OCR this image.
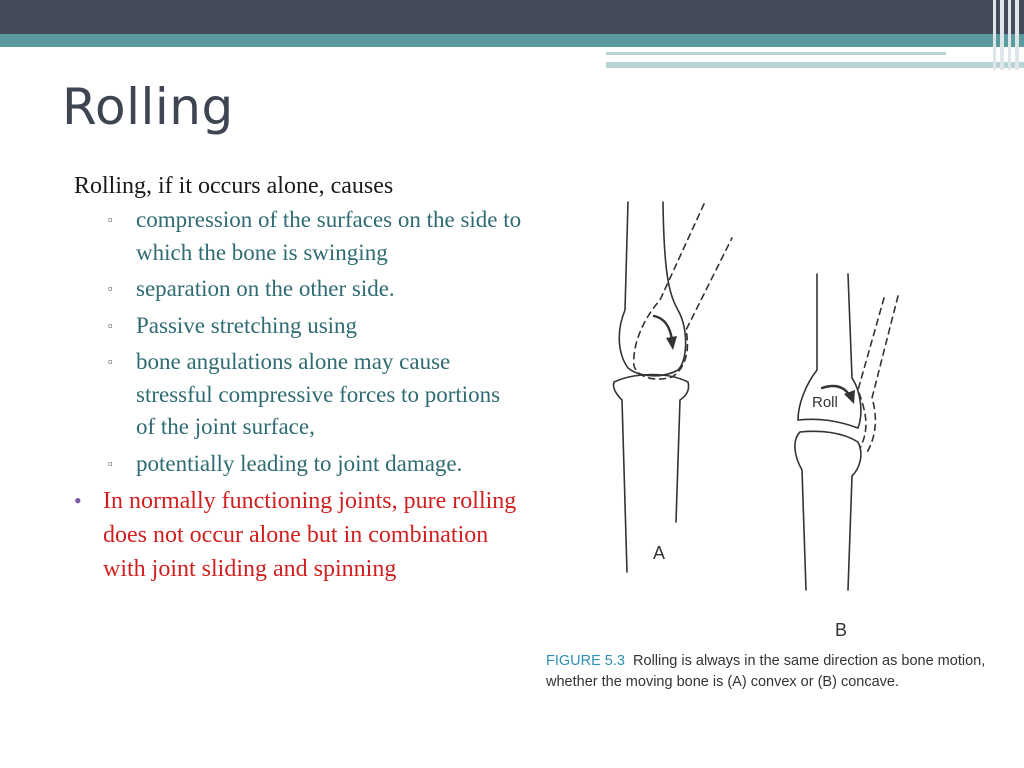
Rolling

Rolling, if it occurs alone, causes

▫ compression of the surfaces on the side to which the bone is swinging
▫ separation on the other side.
▫ Passive stretching using
▫ bone angulations alone may cause stressful compressive forces to portions of the joint surface,
▫ potentially leading to joint damage.
• In normally functioning joints, pure rolling does not occur alone but in combination with joint sliding and spinning
Roll
A
B
FIGURE 5.3 Rolling is always in the same direction as bone motion, whether the moving bone is (A) convex or (B) concave.
